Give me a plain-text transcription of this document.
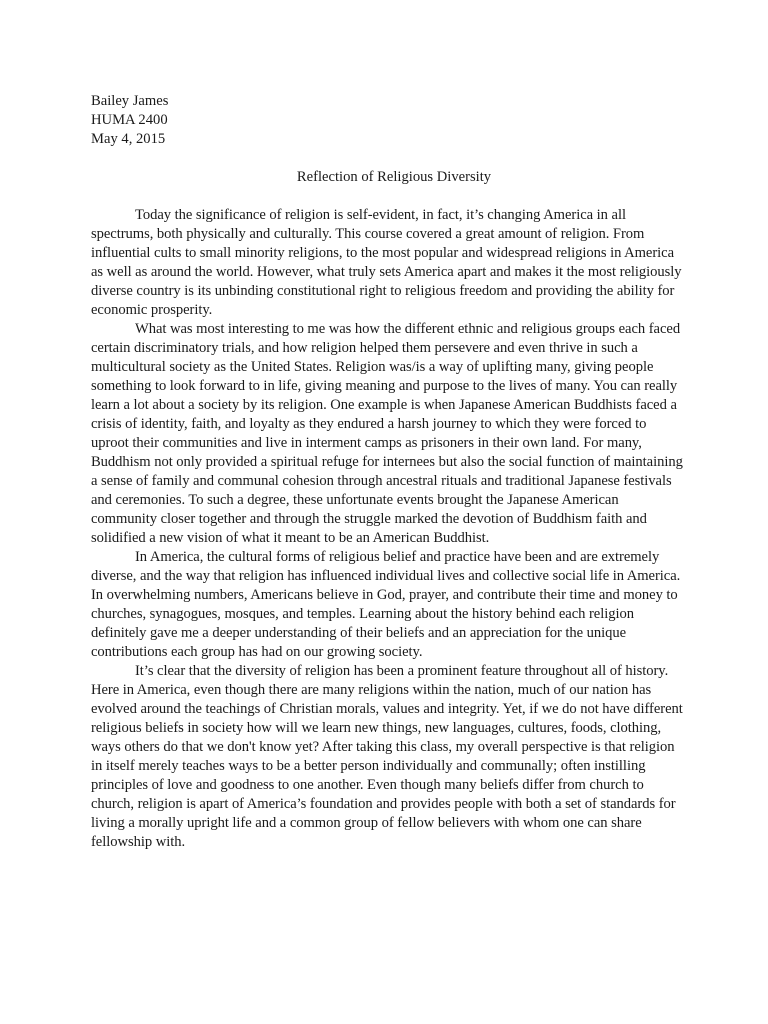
Bailey James
HUMA 2400
May 4, 2015
Reflection of Religious Diversity

Today the significance of religion is self-evident, in fact, it’s changing America in all spectrums, both physically and culturally. This course covered a great amount of religion. From influential cults to small minority religions, to the most popular and widespread religions in America as well as around the world. However, what truly sets America apart and makes it the most religiously diverse country is its unbinding constitutional right to religious freedom and providing the ability for economic prosperity.

What was most interesting to me was how the different ethnic and religious groups each faced certain discriminatory trials, and how religion helped them persevere and even thrive in such a multicultural society as the United States. Religion was/is a way of uplifting many, giving people something to look forward to in life, giving meaning and purpose to the lives of many. You can really learn a lot about a society by its religion. One example is when Japanese American Buddhists faced a crisis of identity, faith, and loyalty as they endured a harsh journey to which they were forced to uproot their communities and live in interment camps as prisoners in their own land. For many, Buddhism not only provided a spiritual refuge for internees but also the social function of maintaining a sense of family and communal cohesion through ancestral rituals and traditional Japanese festivals and ceremonies. To such a degree, these unfortunate events brought the Japanese American community closer together and through the struggle marked the devotion of Buddhism faith and solidified a new vision of what it meant to be an American Buddhist.

In America, the cultural forms of religious belief and practice have been and are extremely diverse, and the way that religion has influenced individual lives and collective social life in America. In overwhelming numbers, Americans believe in God, prayer, and contribute their time and money to churches, synagogues, mosques, and temples. Learning about the history behind each religion definitely gave me a deeper understanding of their beliefs and an appreciation for the unique contributions each group has had on our growing society.

It’s clear that the diversity of religion has been a prominent feature throughout all of history. Here in America, even though there are many religions within the nation, much of our nation has evolved around the teachings of Christian morals, values and integrity. Yet, if we do not have different religious beliefs in society how will we learn new things, new languages, cultures, foods, clothing, ways others do that we don't know yet? After taking this class, my overall perspective is that religion in itself merely teaches ways to be a better person individually and communally; often instilling principles of love and goodness to one another. Even though many beliefs differ from church to church, religion is apart of America’s foundation and provides people with both a set of standards for living a morally upright life and a common group of fellow believers with whom one can share fellowship with.
